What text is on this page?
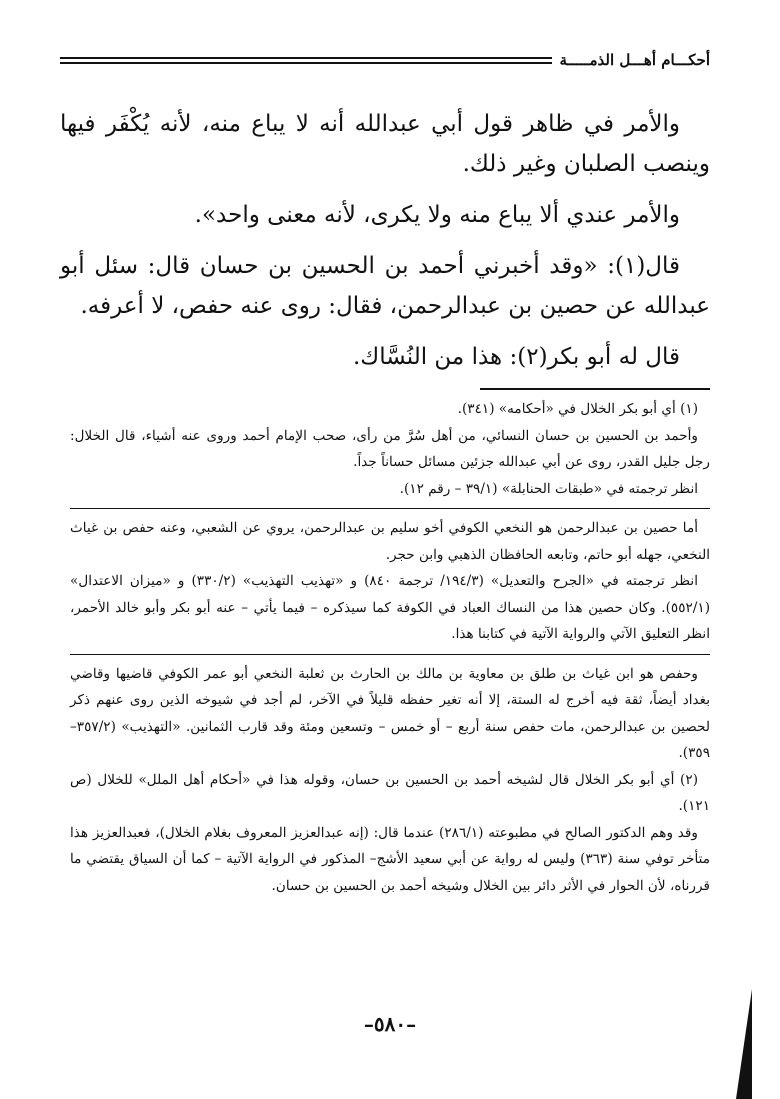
أحكـــام أهـــل الذمـــــة

والأمر في ظاهر قول أبي عبدالله أنه لا يباع منه، لأنه يُكْفَر فيها وينصب الصلبان وغير ذلك.

والأمر عندي ألا يباع منه ولا يكرى، لأنه معنى واحد».

قال(١): «وقد أخبرني أحمد بن الحسين بن حسان قال: سئل أبو عبدالله عن حصين بن عبدالرحمن، فقال: روى عنه حفص، لا أعرفه.

قال له أبو بكر(٢): هذا من النُسَّاك.

(١) أي أبو بكر الخلال في «أحكامه» (٣٤١).

وأحمد بن الحسين بن حسان النسائي، من أهل سُرَّ من رأى، صحب الإمام أحمد وروى عنه أشياء، قال الخلال: رجل جليل القدر، روى عن أبي عبدالله جزئين مسائل حساناً جداً.

انظر ترجمته في «طبقات الحنابلة» (٣٩/١ – رقم ١٢).

أما حصين بن عبدالرحمن هو النخعي الكوفي أخو سليم بن عبدالرحمن، يروي عن الشعبي، وعنه حفص بن غياث النخعي، جهله أبو حاتم، وتابعه الحافظان الذهبي وابن حجر.

انظر ترجمته في «الجرح والتعديل» (١٩٤/٣/ ترجمة ٨٤٠) و «تهذيب التهذيب» (٣٣٠/٢) و «ميزان الاعتدال» (٥٥٢/١). وكان حصين هذا من النساك العباد في الكوفة كما سيذكره – فيما يأتي – عنه أبو بكر وأبو خالد الأحمر، انظر التعليق الآتي والرواية الآتية في كتابنا هذا.

وحفص هو ابن غياث بن طلق بن معاوية بن مالك بن الحارث بن ثعلبة النخعي أبو عمر الكوفي قاضيها وقاضي بغداد أيضاً، ثقة فيه أخرج له الستة، إلا أنه تغير حفظه قليلاً في الآخر، لم أجد في شيوخه الذين روى عنهم ذكر لحصين بن عبدالرحمن، مات حفص سنة أربع – أو خمس – وتسعين ومئة وقد قارب الثمانين. «التهذيب» (٣٥٧/٢–٣٥٩).

(٢) أي أبو بكر الخلال قال لشيخه أحمد بن الحسين بن حسان، وقوله هذا في «أحكام أهل الملل» للخلال (ص ١٢١).

وقد وهم الدكتور الصالح في مطبوعته (٢٨٦/١) عندما قال: (إنه عبدالعزيز المعروف بغلام الخلال)، فعبدالعزيز هذا متأخر توفي سنة (٣٦٣) وليس له رواية عن أبي سعيد الأشج– المذكور في الرواية الآتية – كما أن السياق يقتضي ما قررناه، لأن الحوار في الأثر دائر بين الخلال وشيخه أحمد بن الحسين بن حسان.

–٥٨٠–
